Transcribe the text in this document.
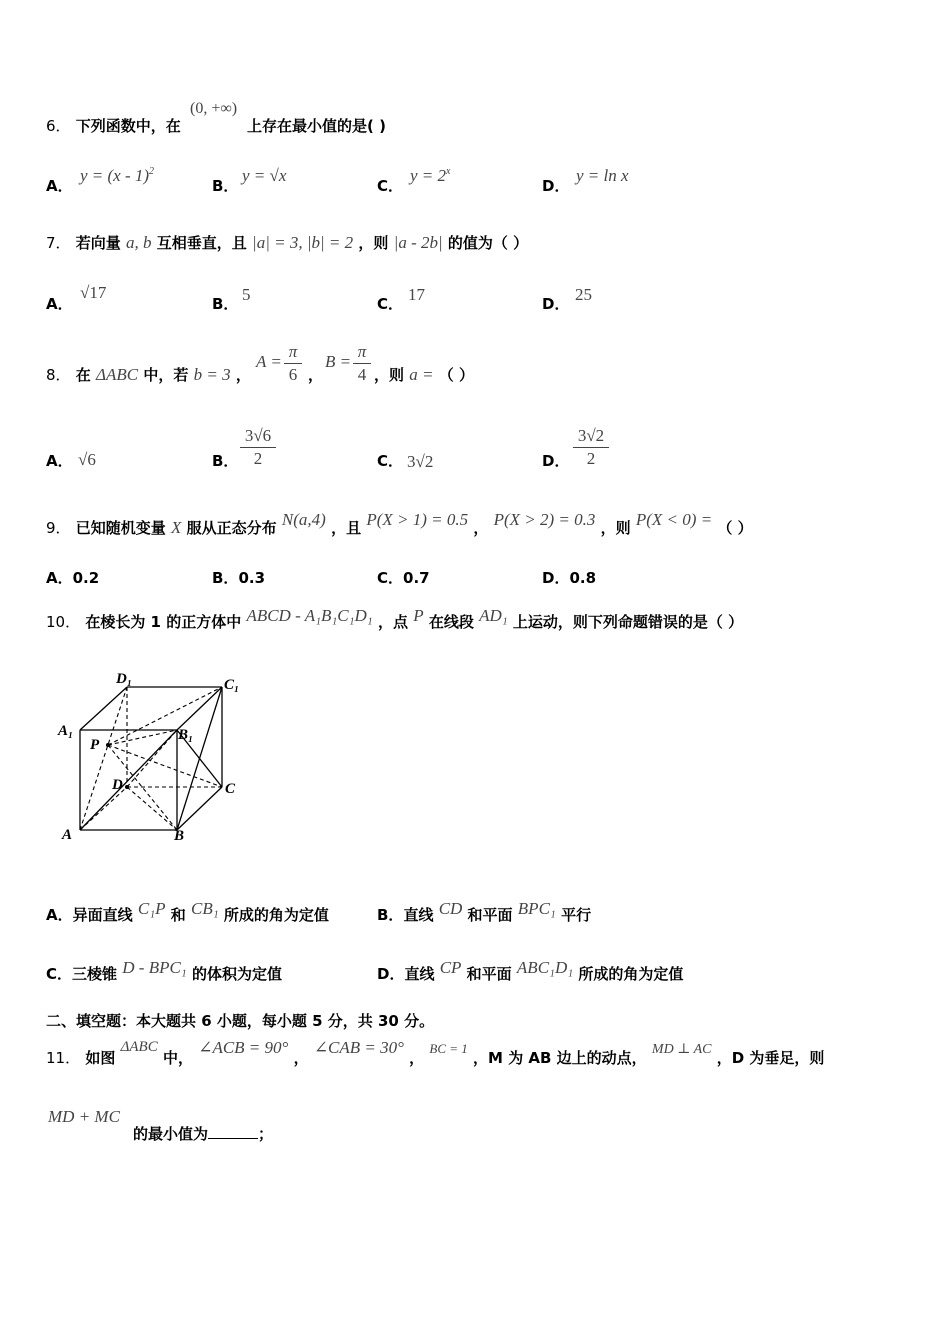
6． 下列函数中，在
(0, +∞)
上存在最小值的是( )
A．
y = (x - 1)$^2$
B．
y = √x
C．
$y = 2^x$
D．
y = ln x
7． 若向量 a, b 互相垂直，且 |a| = 3, |b| = 2 ，则 |a - 2b| 的值为（ ）
A．
√17
B． 5	C． 17	D． 25
8． 在 ΔABC 中，若 b = 3 ，
A =
π
6 ，
B =
π
4 ，则 a = （ ）
A． √6	B．
3√6
2	C． 3√2	D．
3√2
2
9． 已知随机变量 X 服从正态分布 N(a,4) ，且 P(X > 1) = 0.5 ， P(X > 2) = 0.3 ，则 P(X < 0) = （ ）
A．0.2	B．0.3	C．0.7	D．0.8
10． 在棱长为 1 的正方体中 ABCD - A₁B₁C₁D₁ ，点 P 在线段 AD₁ 上运动，则下列命题错误的是（ ）
D₁	C₁
A₁	B₁
P
D	C
A	B
A．异面直线 C₁P 和 CB₁ 所成的角为定值	B．直线 CD 和平面 BPC₁ 平行
C．三棱锥 D - BPC₁ 的体积为定值	D．直线 CP 和平面 ABC₁D₁ 所成的角为定值
二、填空题：本大题共 6 小题，每小题 5 分，共 30 分。
11． 如图 ΔABC 中， ∠ACB = 90° ， ∠CAB = 30° ， BC = 1 ，M 为 AB 边上的动点， MD ⊥ AC ，D 为垂足，则
MD + MC
的最小值为	；
